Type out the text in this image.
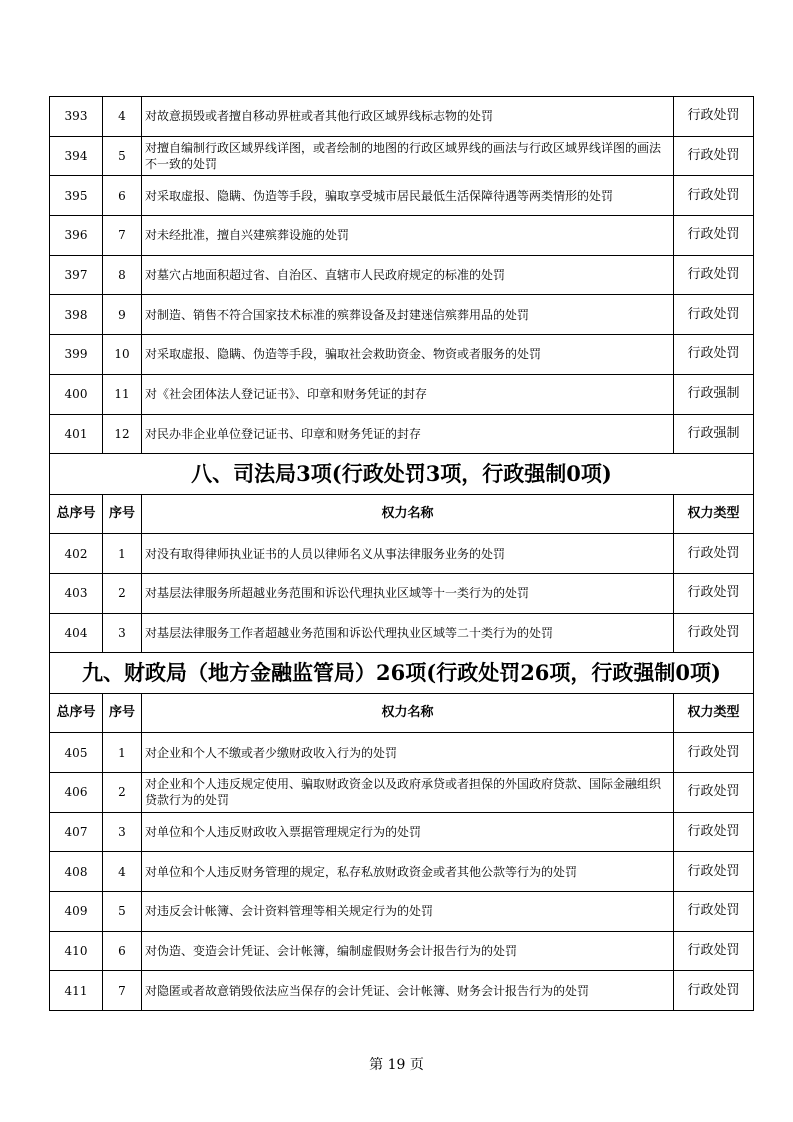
393	4	对故意损毁或者擅自移动界桩或者其他行政区域界线标志物的处罚	行政处罚
394	5	对擅自编制行政区域界线详图，或者绘制的地图的行政区域界线的画法与行政区域界线详图的画法不一致的处罚	行政处罚
395	6	对采取虚报、隐瞒、伪造等手段，骗取享受城市居民最低生活保障待遇等两类情形的处罚	行政处罚
396	7	对未经批准，擅自兴建殡葬设施的处罚	行政处罚
397	8	对墓穴占地面积超过省、自治区、直辖市人民政府规定的标准的处罚	行政处罚
398	9	对制造、销售不符合国家技术标准的殡葬设备及封建迷信殡葬用品的处罚	行政处罚
399	10	对采取虚报、隐瞒、伪造等手段，骗取社会救助资金、物资或者服务的处罚	行政处罚
400	11	对《社会团体法人登记证书》、印章和财务凭证的封存	行政强制
401	12	对民办非企业单位登记证书、印章和财务凭证的封存	行政强制
八、司法局3项(行政处罚3项，行政强制0项)			
总序号	序号	权力名称	权力类型
402	1	对没有取得律师执业证书的人员以律师名义从事法律服务业务的处罚	行政处罚
403	2	对基层法律服务所超越业务范围和诉讼代理执业区域等十一类行为的处罚	行政处罚
404	3	对基层法律服务工作者超越业务范围和诉讼代理执业区域等二十类行为的处罚	行政处罚
九、财政局（地方金融监管局）26项(行政处罚26项，行政强制0项)			
总序号	序号	权力名称	权力类型
405	1	对企业和个人不缴或者少缴财政收入行为的处罚	行政处罚
406	2	对企业和个人违反规定使用、骗取财政资金以及政府承贷或者担保的外国政府贷款、国际金融组织贷款行为的处罚	行政处罚
407	3	对单位和个人违反财政收入票据管理规定行为的处罚	行政处罚
408	4	对单位和个人违反财务管理的规定，私存私放财政资金或者其他公款等行为的处罚	行政处罚
409	5	对违反会计帐簿、会计资料管理等相关规定行为的处罚	行政处罚
410	6	对伪造、变造会计凭证、会计帐簿，编制虚假财务会计报告行为的处罚	行政处罚
411	7	对隐匿或者故意销毁依法应当保存的会计凭证、会计帐簿、财务会计报告行为的处罚	行政处罚
第 19 页
